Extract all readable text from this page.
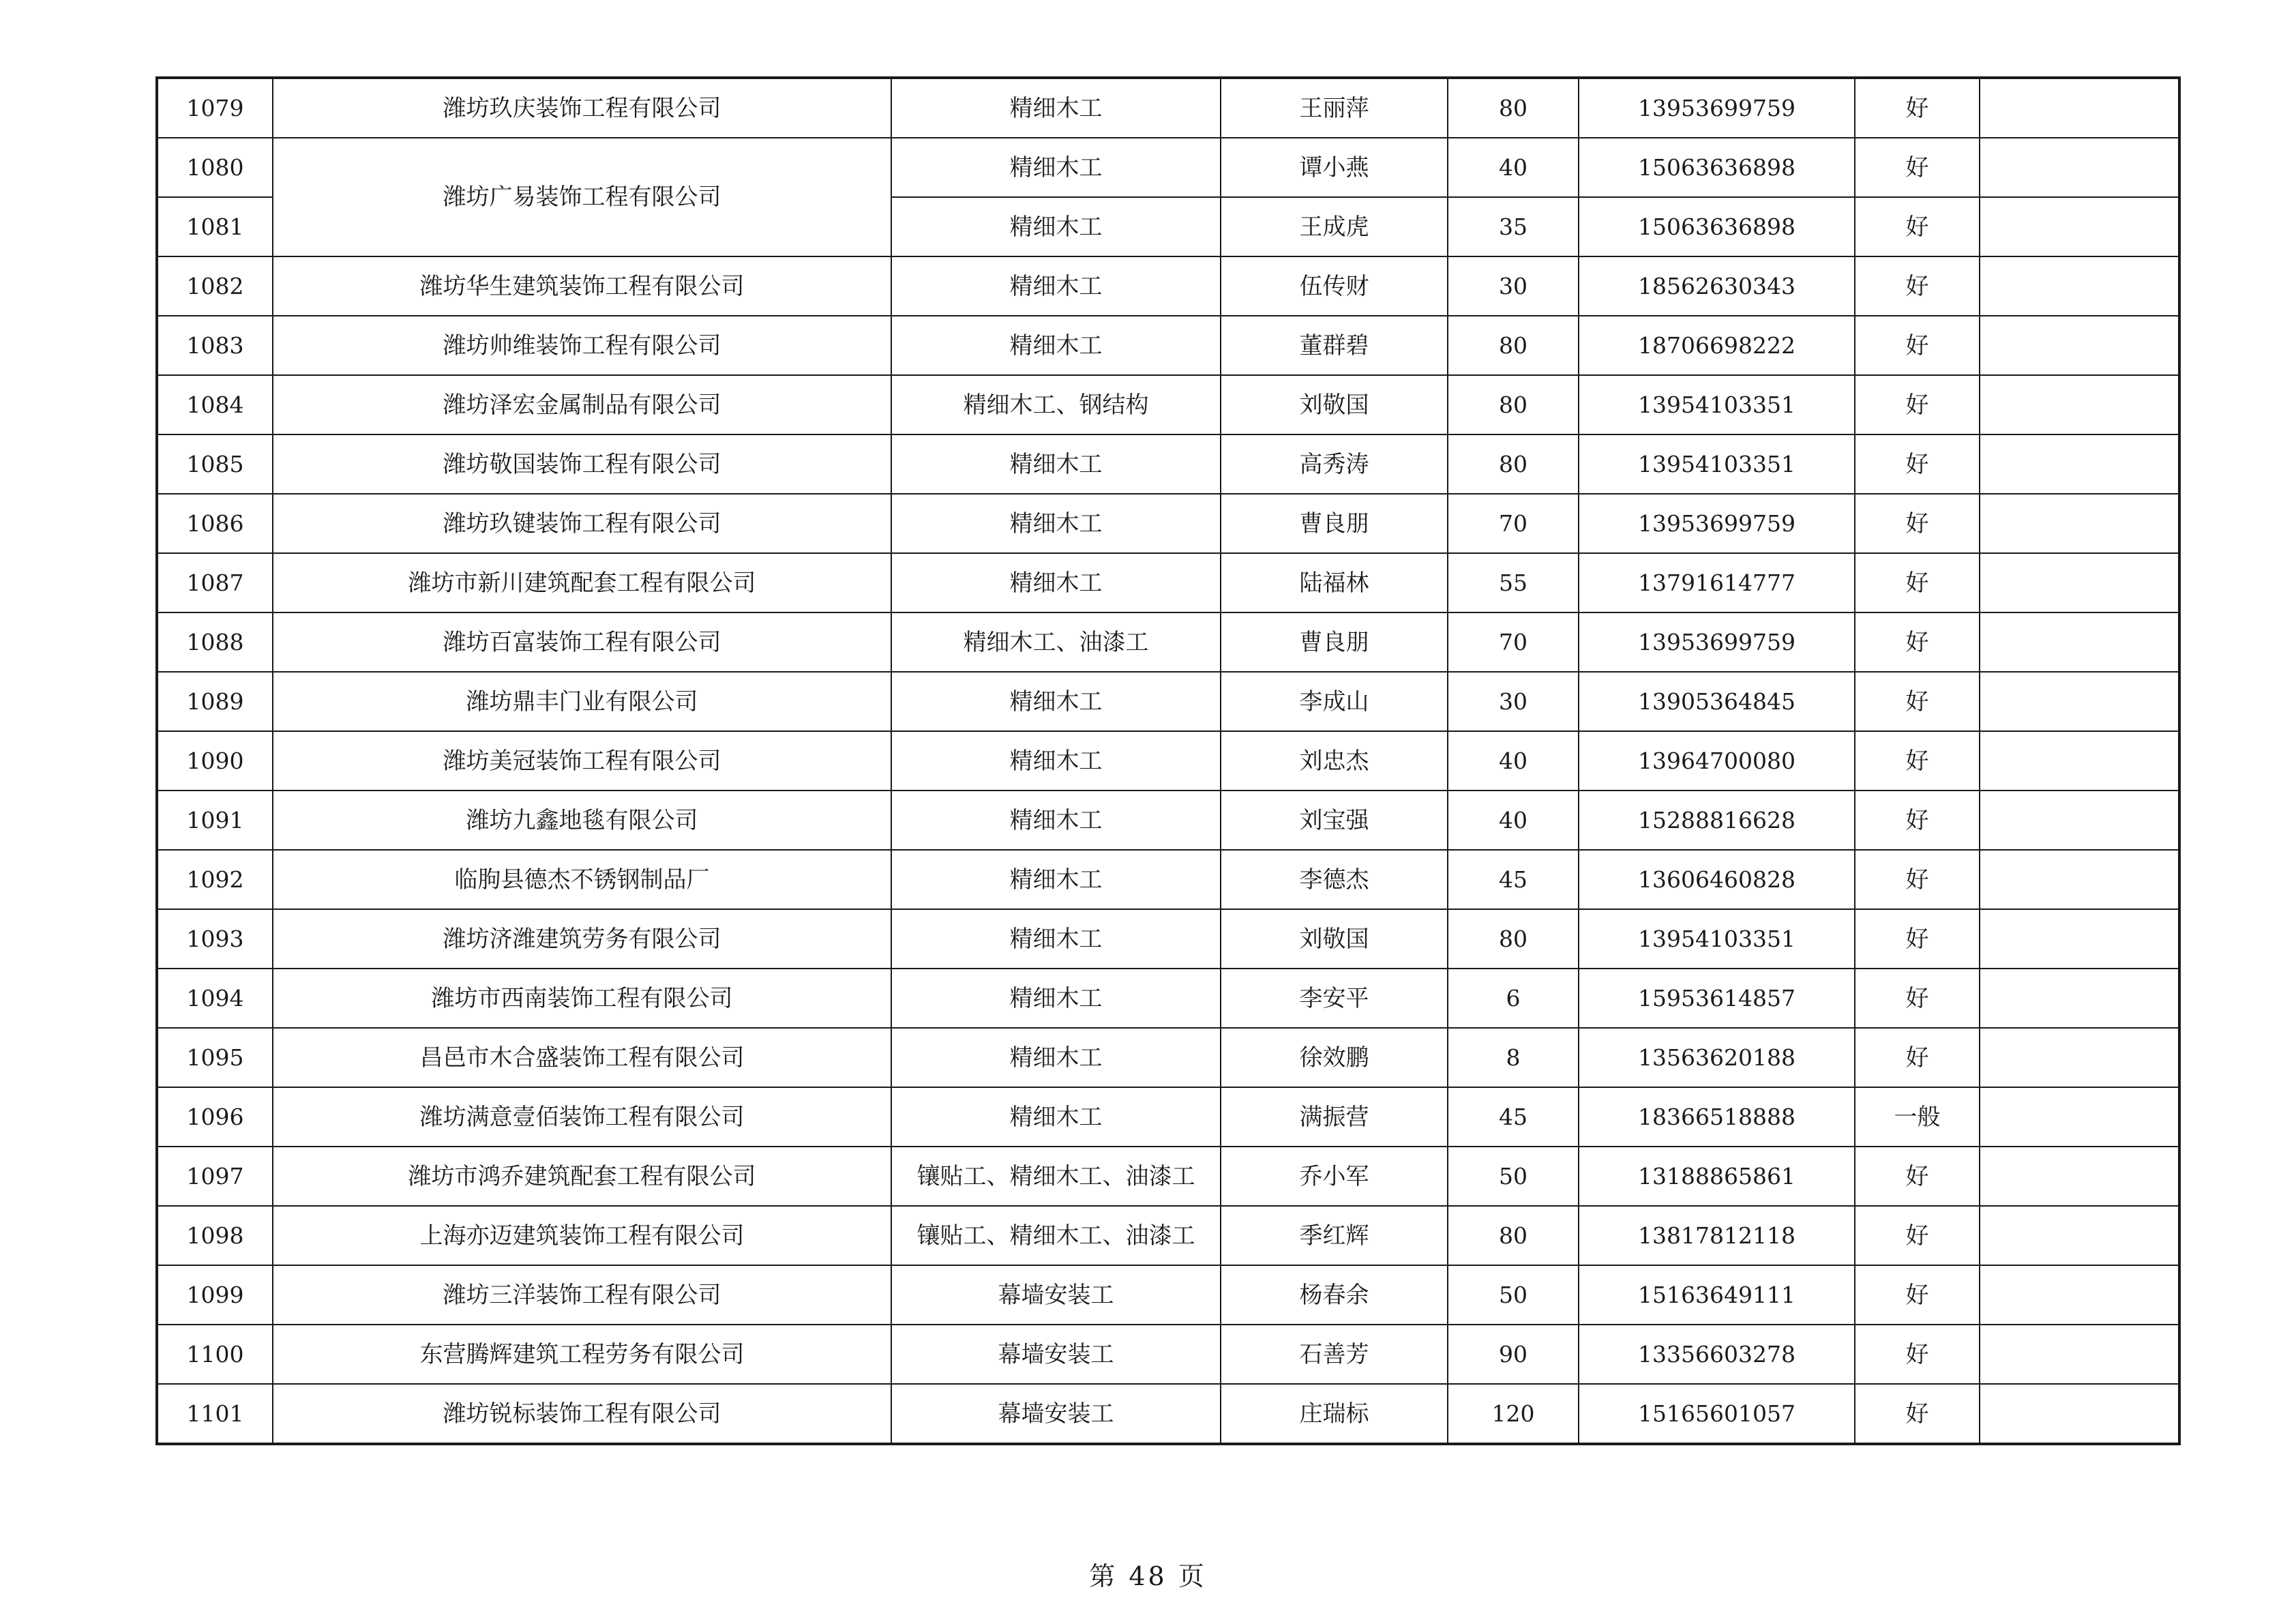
1079	潍坊玖庆装饰工程有限公司	精细木工	王丽萍	80	13953699759	好	
1080	潍坊广易装饰工程有限公司	精细木工	谭小燕	40	15063636898	好	
1081		精细木工	王成虎	35	15063636898	好	
1082	潍坊华生建筑装饰工程有限公司	精细木工	伍传财	30	18562630343	好	
1083	潍坊帅维装饰工程有限公司	精细木工	董群碧	80	18706698222	好	
1084	潍坊泽宏金属制品有限公司	精细木工、钢结构	刘敬国	80	13954103351	好	
1085	潍坊敬国装饰工程有限公司	精细木工	高秀涛	80	13954103351	好	
1086	潍坊玖键装饰工程有限公司	精细木工	曹良朋	70	13953699759	好	
1087	潍坊市新川建筑配套工程有限公司	精细木工	陆福林	55	13791614777	好	
1088	潍坊百富装饰工程有限公司	精细木工、油漆工	曹良朋	70	13953699759	好	
1089	潍坊鼎丰门业有限公司	精细木工	李成山	30	13905364845	好	
1090	潍坊美冠装饰工程有限公司	精细木工	刘忠杰	40	13964700080	好	
1091	潍坊九鑫地毯有限公司	精细木工	刘宝强	40	15288816628	好	
1092	临朐县德杰不锈钢制品厂	精细木工	李德杰	45	13606460828	好	
1093	潍坊济潍建筑劳务有限公司	精细木工	刘敬国	80	13954103351	好	
1094	潍坊市西南装饰工程有限公司	精细木工	李安平	6	15953614857	好	
1095	昌邑市木合盛装饰工程有限公司	精细木工	徐效鹏	8	13563620188	好	
1096	潍坊满意壹佰装饰工程有限公司	精细木工	满振营	45	18366518888	一般	
1097	潍坊市鸿乔建筑配套工程有限公司	镶贴工、精细木工、油漆工	乔小军	50	13188865861	好	
1098	上海亦迈建筑装饰工程有限公司	镶贴工、精细木工、油漆工	季红辉	80	13817812118	好	
1099	潍坊三洋装饰工程有限公司	幕墙安装工	杨春余	50	15163649111	好	
1100	东营腾辉建筑工程劳务有限公司	幕墙安装工	石善芳	90	13356603278	好	
1101	潍坊锐标装饰工程有限公司	幕墙安装工	庄瑞标	120	15165601057	好	
第 48 页
